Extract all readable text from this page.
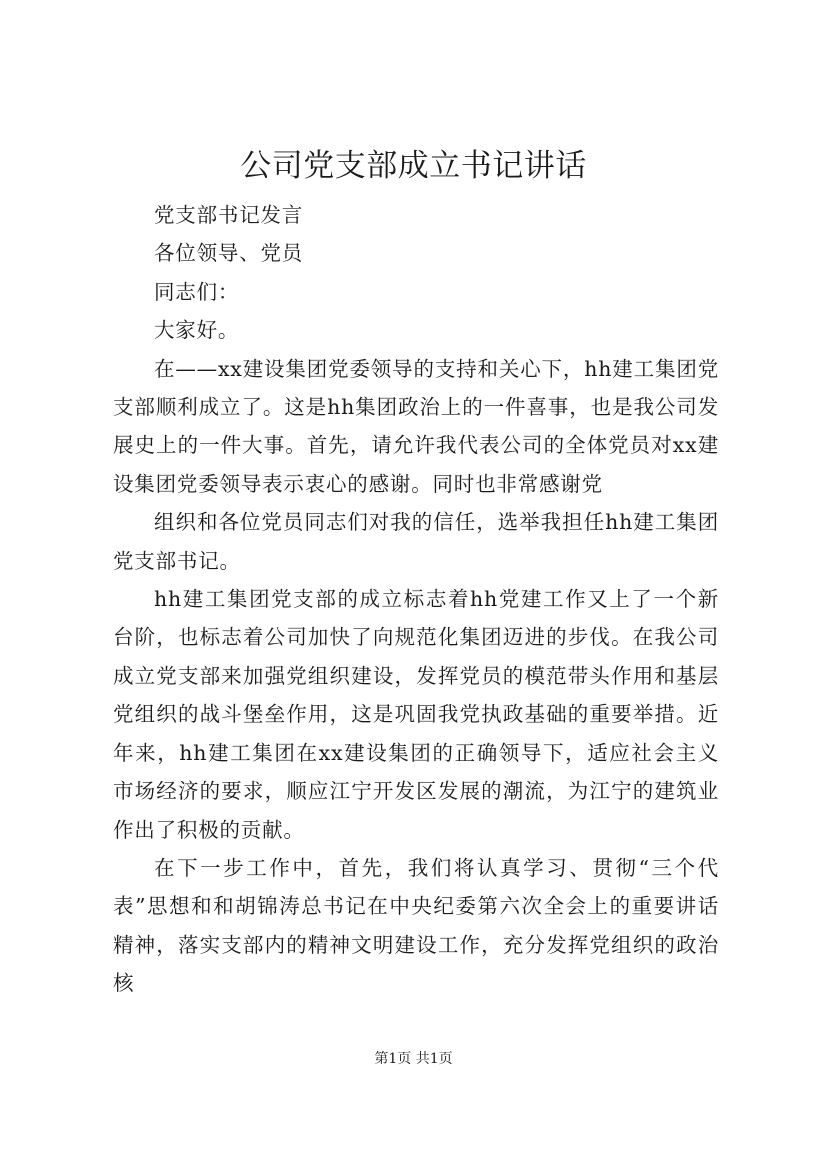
公司党支部成立书记讲话

党支部书记发言

各位领导、党员

同志们：

大家好。

在——xx建设集团党委领导的支持和关心下，hh建工集团党支部顺利成立了。这是hh集团政治上的一件喜事，也是我公司发展史上的一件大事。首先，请允许我代表公司的全体党员对xx建设集团党委领导表示衷心的感谢。同时也非常感谢党

组织和各位党员同志们对我的信任，选举我担任hh建工集团党支部书记。

hh建工集团党支部的成立标志着hh党建工作又上了一个新台阶，也标志着公司加快了向规范化集团迈进的步伐。在我公司成立党支部来加强党组织建设，发挥党员的模范带头作用和基层党组织的战斗堡垒作用，这是巩固我党执政基础的重要举措。近年来，hh建工集团在xx建设集团的正确领导下，适应社会主义市场经济的要求，顺应江宁开发区发展的潮流，为江宁的建筑业作出了积极的贡献。

在下一步工作中，首先，我们将认真学习、贯彻“三个代表”思想和和胡锦涛总书记在中央纪委第六次全会上的重要讲话精神，落实支部内的精神文明建设工作，充分发挥党组织的政治核

第1页 共1页
